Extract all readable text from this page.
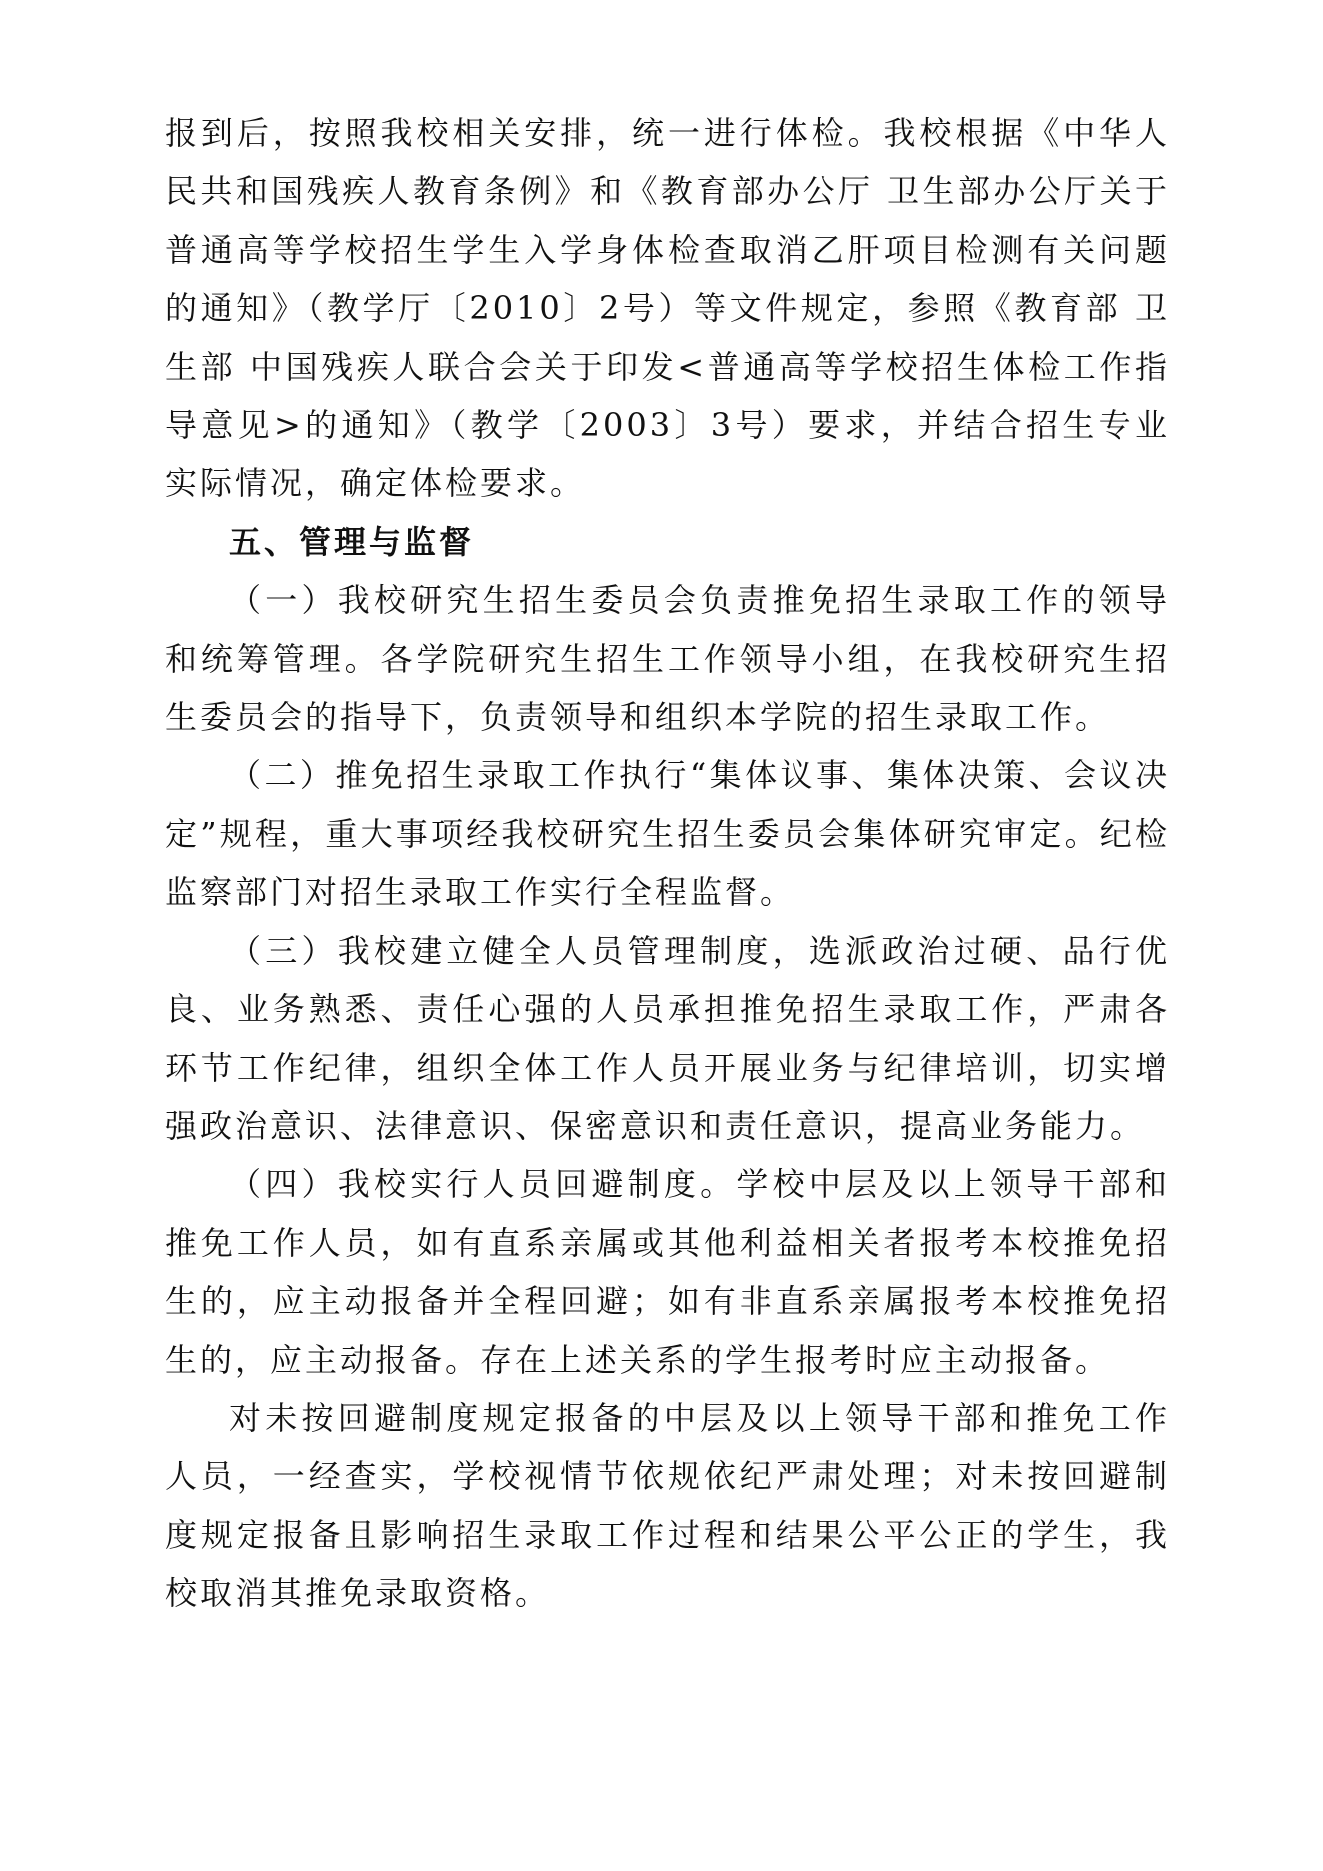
报到后，按照我校相关安排，统一进行体检。我校根据《中华人民共和国残疾人教育条例》和《教育部办公厅 卫生部办公厅关于普通高等学校招生学生入学身体检查取消乙肝项目检测有关问题的通知》（教学厅〔2010〕2号）等文件规定，参照《教育部 卫生部 中国残疾人联合会关于印发<普通高等学校招生体检工作指导意见>的通知》（教学〔2003〕3号）要求，并结合招生专业实际情况，确定体检要求。

五、管理与监督

（一）我校研究生招生委员会负责推免招生录取工作的领导和统筹管理。各学院研究生招生工作领导小组，在我校研究生招生委员会的指导下，负责领导和组织本学院的招生录取工作。

（二）推免招生录取工作执行“集体议事、集体决策、会议决定”规程，重大事项经我校研究生招生委员会集体研究审定。纪检监察部门对招生录取工作实行全程监督。

（三）我校建立健全人员管理制度，选派政治过硬、品行优良、业务熟悉、责任心强的人员承担推免招生录取工作，严肃各环节工作纪律，组织全体工作人员开展业务与纪律培训，切实增强政治意识、法律意识、保密意识和责任意识，提高业务能力。

（四）我校实行人员回避制度。学校中层及以上领导干部和推免工作人员，如有直系亲属或其他利益相关者报考本校推免招生的，应主动报备并全程回避；如有非直系亲属报考本校推免招生的，应主动报备。存在上述关系的学生报考时应主动报备。

对未按回避制度规定报备的中层及以上领导干部和推免工作人员，一经查实，学校视情节依规依纪严肃处理；对未按回避制度规定报备且影响招生录取工作过程和结果公平公正的学生，我校取消其推免录取资格。
